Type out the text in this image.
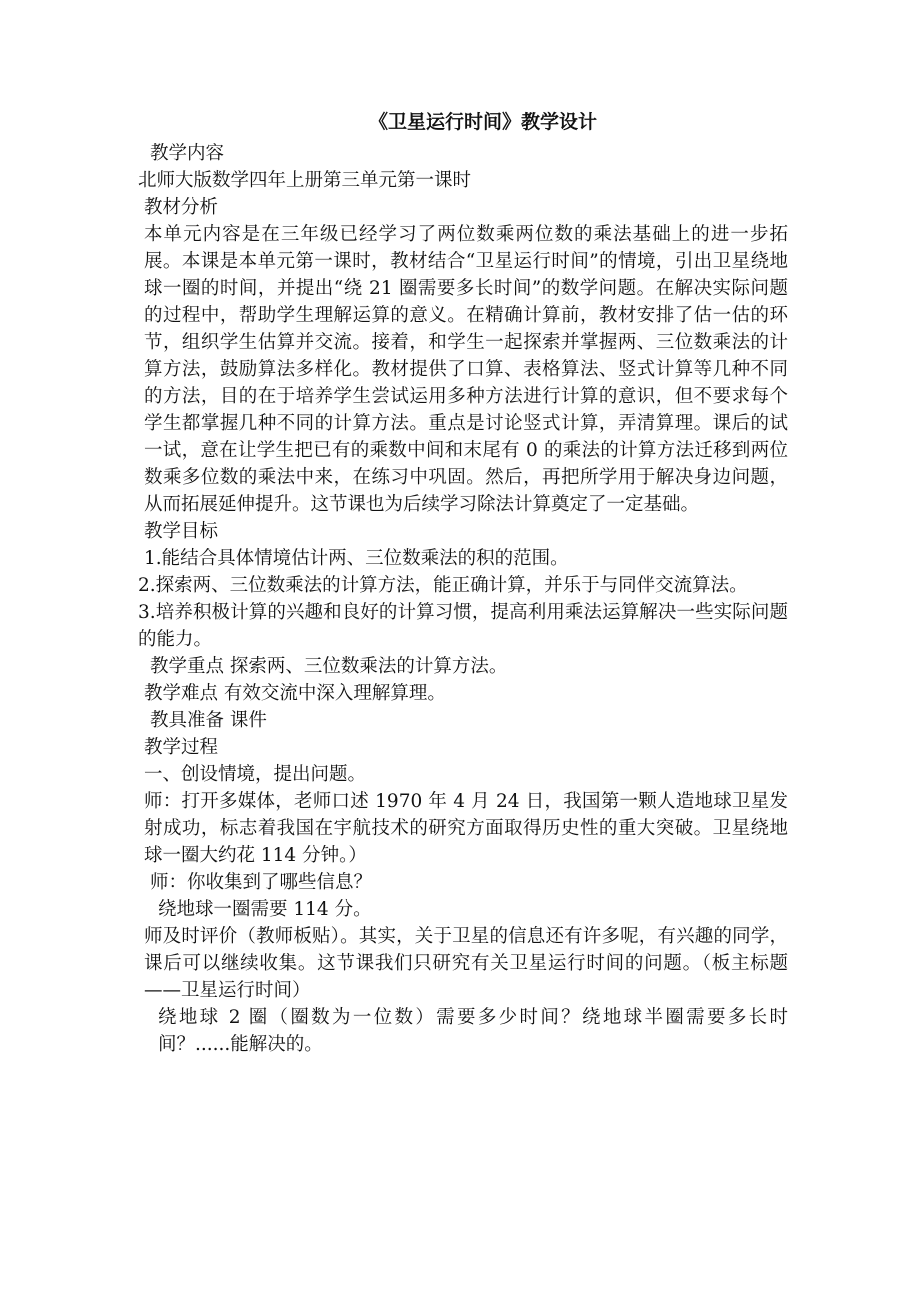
《卫星运行时间》教学设计

教学内容

北师大版数学四年上册第三单元第一课时

教材分析

本单元内容是在三年级已经学习了两位数乘两位数的乘法基础上的进一步拓展。本课是本单元第一课时，教材结合“卫星运行时间”的情境，引出卫星绕地球一圈的时间，并提出“绕 21 圈需要多长时间”的数学问题。在解决实际问题的过程中，帮助学生理解运算的意义。在精确计算前，教材安排了估一估的环节，组织学生估算并交流。接着，和学生一起探索并掌握两、三位数乘法的计算方法，鼓励算法多样化。教材提供了口算、表格算法、竖式计算等几种不同的方法，目的在于培养学生尝试运用多种方法进行计算的意识，但不要求每个学生都掌握几种不同的计算方法。重点是讨论竖式计算，弄清算理。课后的试一试，意在让学生把已有的乘数中间和末尾有 0 的乘法的计算方法迁移到两位数乘多位数的乘法中来，在练习中巩固。然后，再把所学用于解决身边问题，从而拓展延伸提升。这节课也为后续学习除法计算奠定了一定基础。

教学目标

1.能结合具体情境估计两、三位数乘法的积的范围。

2.探索两、三位数乘法的计算方法，能正确计算，并乐于与同伴交流算法。

3.培养积极计算的兴趣和良好的计算习惯，提高利用乘法运算解决一些实际问题的能力。

教学重点 探索两、三位数乘法的计算方法。

教学难点 有效交流中深入理解算理。

教具准备 课件

教学过程

一、创设情境，提出问题。

师：打开多媒体，老师口述 1970 年 4 月 24 日，我国第一颗人造地球卫星发射成功，标志着我国在宇航技术的研究方面取得历史性的重大突破。卫星绕地球一圈大约花 114 分钟。）

师：你收集到了哪些信息？

绕地球一圈需要 114 分。

师及时评价（教师板贴）。其实，关于卫星的信息还有许多呢，有兴趣的同学，课后可以继续收集。这节课我们只研究有关卫星运行时间的问题。（板主标题——卫星运行时间）

绕地球 2 圈（圈数为一位数）需要多少时间？绕地球半圈需要多长时间？......能解决的。
